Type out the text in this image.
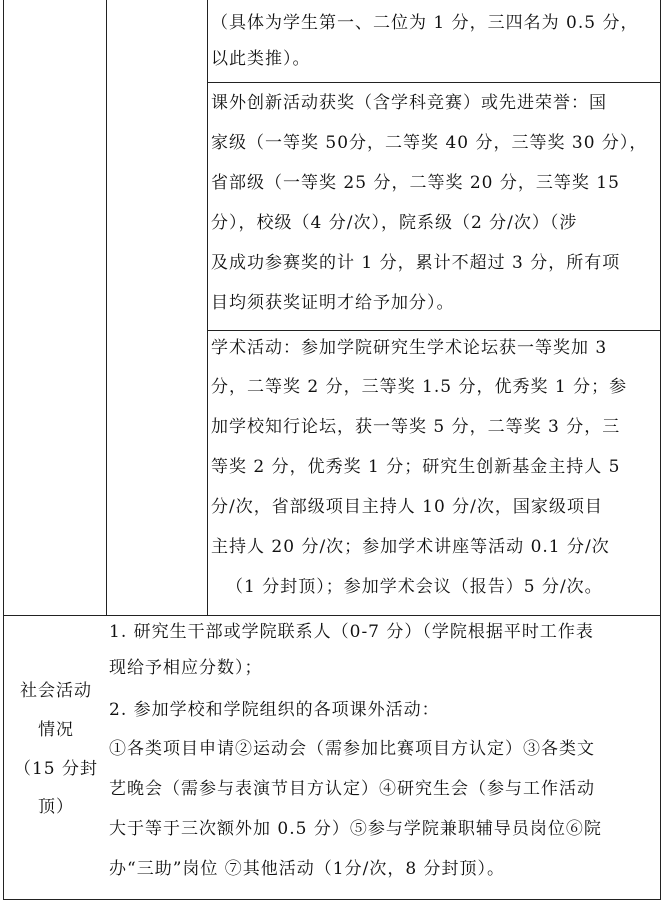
（具体为学生第一、二位为 1 分，三四名为 0.5 分，
以此类推）。
课外创新活动获奖（含学科竞赛）或先进荣誉：国
家级（一等奖 50分，二等奖 40 分，三等奖 30 分），
省部级（一等奖 25 分，二等奖 20 分，三等奖 15
分），校级（4 分/次），院系级（2 分/次）（涉
及成功参赛奖的计 1 分，累计不超过 3 分，所有项
目均须获奖证明才给予加分）。
学术活动：参加学院研究生学术论坛获一等奖加 3
分，二等奖 2 分，三等奖 1.5 分，优秀奖 1 分；参
加学校知行论坛，获一等奖 5 分，二等奖 3 分，三
等奖 2 分，优秀奖 1 分；研究生创新基金主持人 5
分/次，省部级项目主持人 10 分/次，国家级项目
主持人 20 分/次；参加学术讲座等活动 0.1 分/次
（1 分封顶）；参加学术会议（报告）5 分/次。
社会活动
情况
（15 分封
顶）
1. 研究生干部或学院联系人（0-7 分）（学院根据平时工作表
现给予相应分数）；
2. 参加学校和学院组织的各项课外活动：
①各类项目申请②运动会（需参加比赛项目方认定）③各类文
艺晚会（需参与表演节目方认定）④研究生会（参与工作活动
大于等于三次额外加 0.5 分）⑤参与学院兼职辅导员岗位⑥院
办“三助”岗位 ⑦其他活动（1分/次，8 分封顶）。
